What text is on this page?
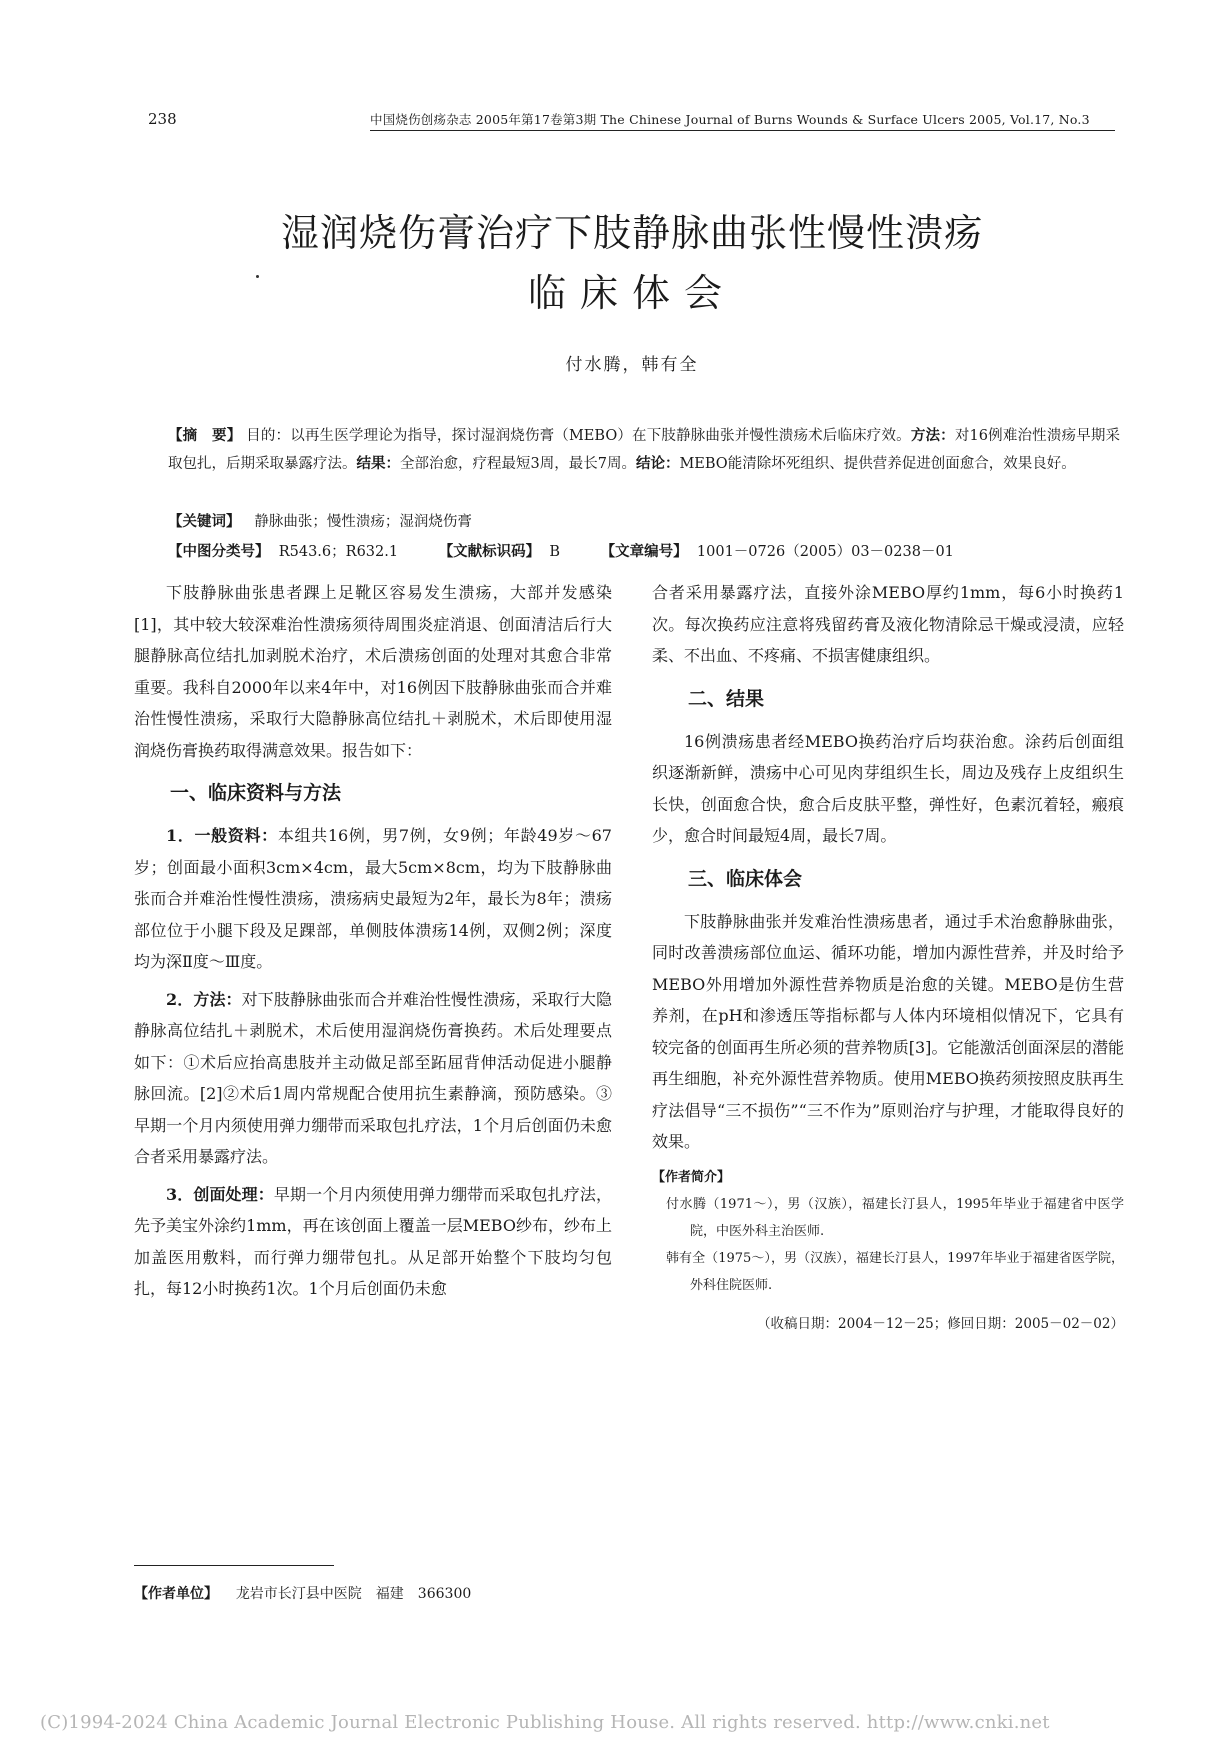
238	中国烧伤创疡杂志 2005年第17卷第3期 The Chinese Journal of Burns Wounds & Surface Ulcers 2005, Vol.17, No.3
湿润烧伤膏治疗下肢静脉曲张性慢性溃疡
临床体会
付水腾，韩有全
【摘　要】 目的：以再生医学理论为指导，探讨湿润烧伤膏（MEBO）在下肢静脉曲张并慢性溃疡术后临床疗效。方法：对16例难治性溃疡早期采取包扎，后期采取暴露疗法。结果：全部治愈，疗程最短3周，最长7周。结论：MEBO能清除坏死组织、提供营养促进创面愈合，效果良好。
【关键词】 静脉曲张；慢性溃疡；湿润烧伤膏
【中图分类号】 R543.6；R632.1	【文献标识码】 B	【文章编号】 1001－0726（2005）03－0238－01

下肢静脉曲张患者踝上足靴区容易发生溃疡，大部并发感染[1]，其中较大较深难治性溃疡须待周围炎症消退、创面清洁后行大腿静脉高位结扎加剥脱术治疗，术后溃疡创面的处理对其愈合非常重要。我科自2000年以来4年中，对16例因下肢静脉曲张而合并难治性慢性溃疡，采取行大隐静脉高位结扎＋剥脱术，术后即使用湿润烧伤膏换药取得满意效果。报告如下：

一、临床资料与方法

1．一般资料：本组共16例，男7例，女9例；年龄49岁～67岁；创面最小面积3cm×4cm，最大5cm×8cm，均为下肢静脉曲张而合并难治性慢性溃疡，溃疡病史最短为2年，最长为8年；溃疡部位位于小腿下段及足踝部，单侧肢体溃疡14例，双侧2例；深度均为深Ⅱ度～Ⅲ度。

2．方法：对下肢静脉曲张而合并难治性慢性溃疡，采取行大隐静脉高位结扎＋剥脱术，术后使用湿润烧伤膏换药。术后处理要点如下：①术后应抬高患肢并主动做足部至跖屈背伸活动促进小腿静脉回流。[2]②术后1周内常规配合使用抗生素静滴，预防感染。③早期一个月内须使用弹力绷带而采取包扎疗法，1个月后创面仍未愈合者采用暴露疗法。

3．创面处理：早期一个月内须使用弹力绷带而采取包扎疗法，先予美宝外涂约1mm，再在该创面上覆盖一层MEBO纱布，纱布上加盖医用敷料，而行弹力绷带包扎。从足部开始整个下肢均匀包扎，每12小时换药1次。1个月后创面仍未愈

合者采用暴露疗法，直接外涂MEBO厚约1mm，每6小时换药1次。每次换药应注意将残留药膏及液化物清除忌干燥或浸渍，应轻柔、不出血、不疼痛、不损害健康组织。

二、结果

16例溃疡患者经MEBO换药治疗后均获治愈。涂药后创面组织逐渐新鲜，溃疡中心可见肉芽组织生长，周边及残存上皮组织生长快，创面愈合快，愈合后皮肤平整，弹性好，色素沉着轻，瘢痕少，愈合时间最短4周，最长7周。

三、临床体会

下肢静脉曲张并发难治性溃疡患者，通过手术治愈静脉曲张，同时改善溃疡部位血运、循环功能，增加内源性营养，并及时给予MEBO外用增加外源性营养物质是治愈的关键。MEBO是仿生营养剂，在pH和渗透压等指标都与人体内环境相似情况下，它具有较完备的创面再生所必须的营养物质[3]。它能激活创面深层的潜能再生细胞，补充外源性营养物质。使用MEBO换药须按照皮肤再生疗法倡导“三不损伤”“三不作为”原则治疗与护理，才能取得良好的效果。

【作者简介】
付水腾（1971～），男（汉族），福建长汀县人，1995年毕业于福建省中医学院，中医外科主治医师.
韩有全（1975～），男（汉族），福建长汀县人，1997年毕业于福建省医学院，外科住院医师.
（收稿日期：2004－12－25；修回日期：2005－02－02）
【作者单位】 龙岩市长汀县中医院　福建　366300
(C)1994-2024 China Academic Journal Electronic Publishing House. All rights reserved. http://www.cnki.net
